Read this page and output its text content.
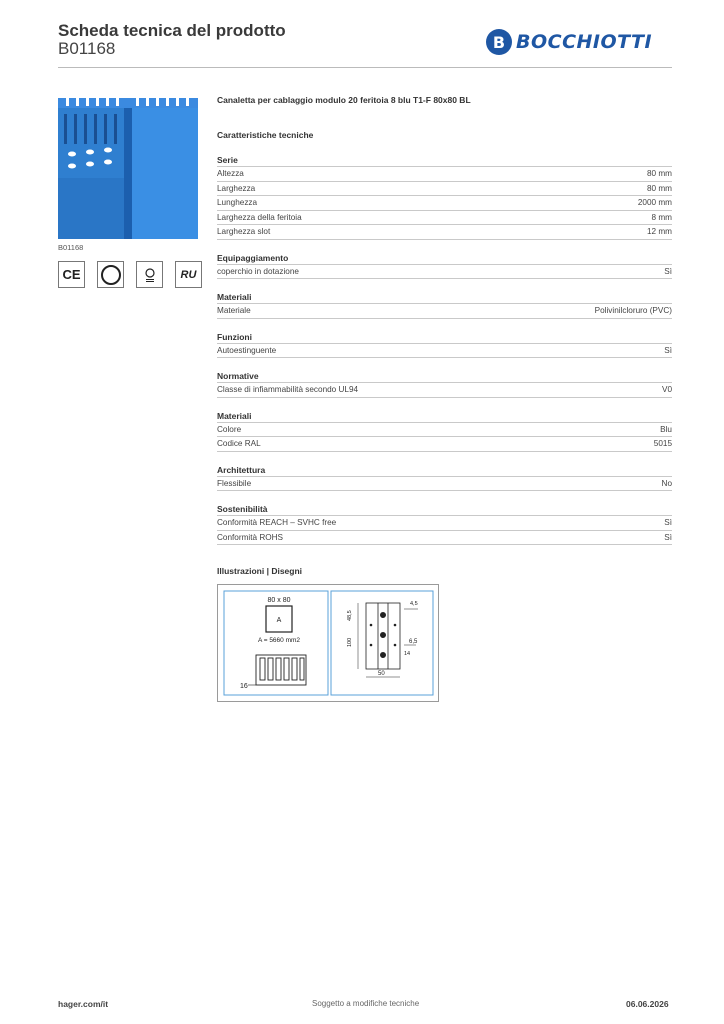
Scheda tecnica del prodotto
B01168	B BOCCHIOTTI
B01168
CE	RU
Canaletta per cablaggio modulo 20 feritoia 8 blu T1-F 80x80 BL
Caratteristiche tecniche
Serie
Altezza	80 mm
Larghezza	80 mm
Lunghezza	2000 mm
Larghezza della feritoia	8 mm
Larghezza slot	12 mm
Equipaggiamento
coperchio in dotazione	Sì
Materiali
Materiale	Polivinilcloruro (PVC)
Funzioni
Autoestinguente	Sì
Normative
Classe di infiammabilità secondo UL94	V0
Materiali
Colore	Blu
Codice RAL	5015
Architettura
Flessibile	No
Sostenibilità
Conformità REACH – SVHC free	Sì
Conformità ROHS	Sì
Illustrazioni | Disegni
80 x 80
A
A = 5660 mm2
16
48,5
4,5
100	6,5
14
50
hager.com/it	Soggetto a modifiche tecniche	06.06.2026
